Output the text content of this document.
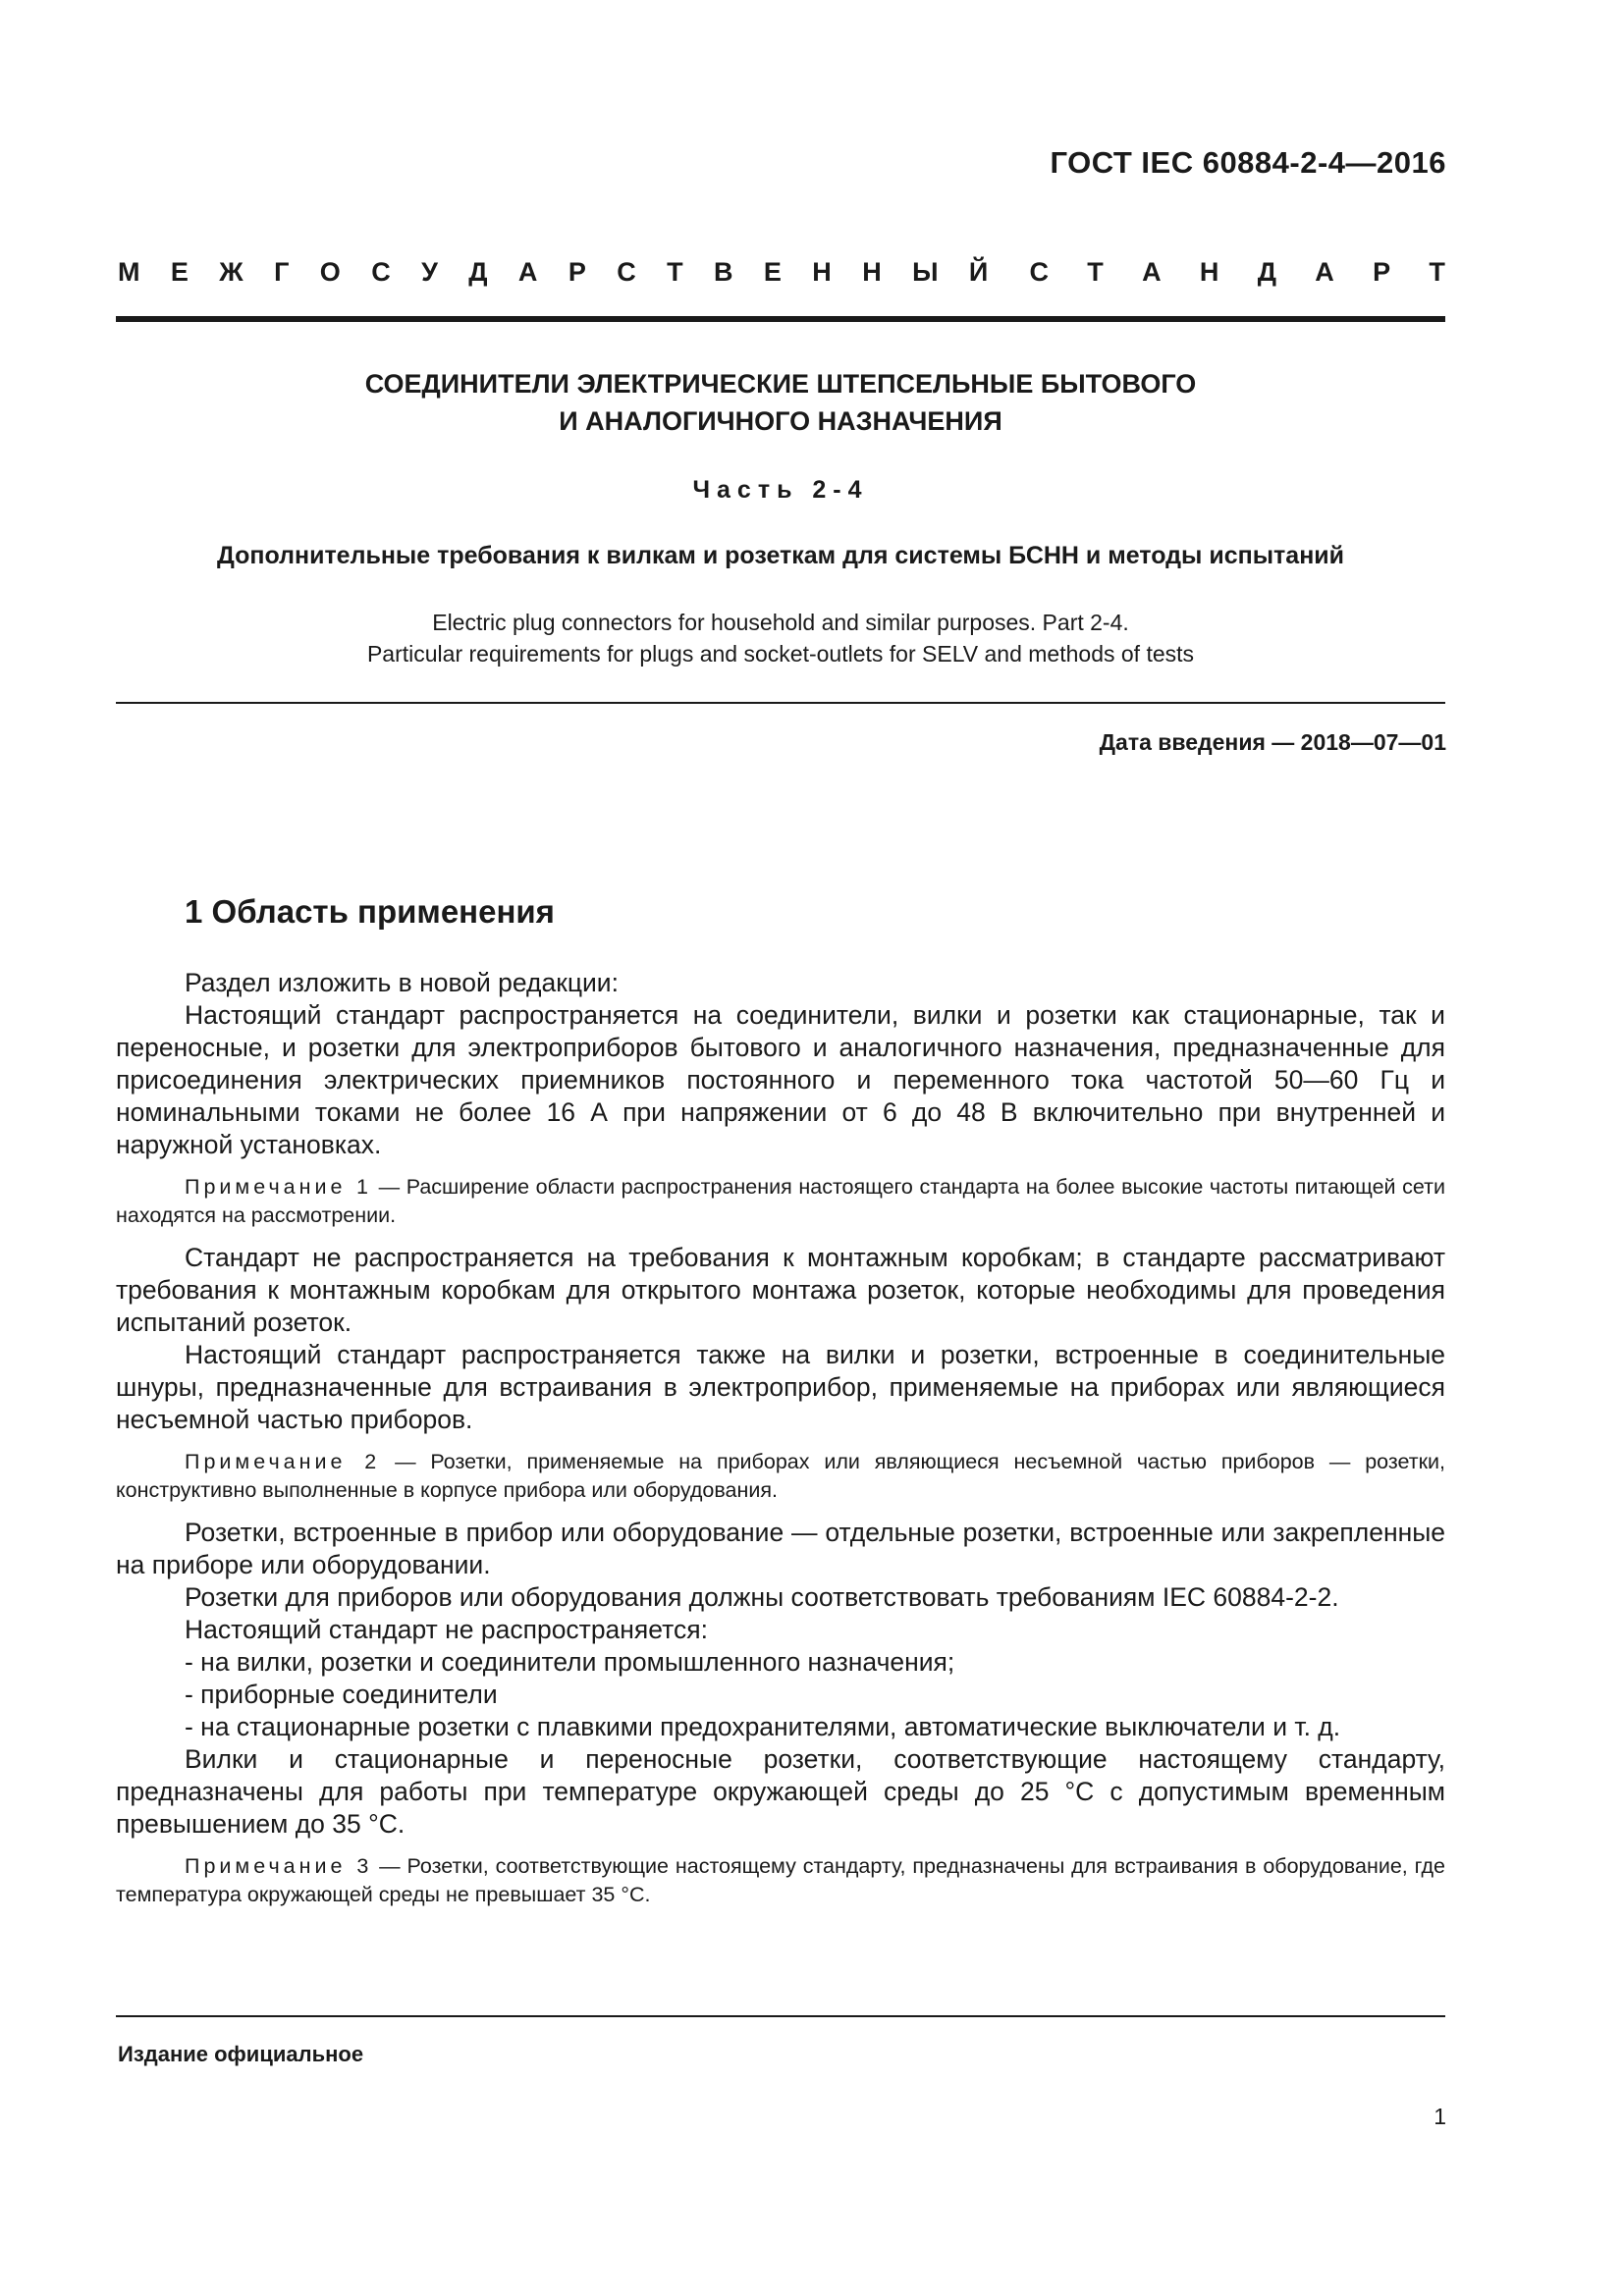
ГОСТ IEC 60884-2-4—2016
М Е Ж Г О С У Д А Р С Т В Е Н Н Ы Й С Т А Н Д А Р Т
СОЕДИНИТЕЛИ ЭЛЕКТРИЧЕСКИЕ ШТЕПСЕЛЬНЫЕ БЫТОВОГО
И АНАЛОГИЧНОГО НАЗНАЧЕНИЯ
Часть 2-4
Дополнительные требования к вилкам и розеткам для системы БСНН и методы испытаний
Electric plug connectors for household and similar purposes. Part 2-4.
Particular requirements for plugs and socket-outlets for SELV and methods of tests
Дата введения — 2018—07—01
1 Область применения

Раздел изложить в новой редакции:

Настоящий стандарт распространяется на соединители, вилки и розетки как стационарные, так и переносные, и розетки для электроприборов бытового и аналогичного назначения, предназначенные для присоединения электрических приемников постоянного и переменного тока частотой 50—60 Гц и номинальными токами не более 16 А при напряжении от 6 до 48 В включительно при внутренней и наружной установках.

Примечание 1 — Расширение области распространения настоящего стандарта на более высокие частоты питающей сети находятся на рассмотрении.

Стандарт не распространяется на требования к монтажным коробкам; в стандарте рассматривают требования к монтажным коробкам для открытого монтажа розеток, которые необходимы для проведения испытаний розеток.

Настоящий стандарт распространяется также на вилки и розетки, встроенные в соединительные шнуры, предназначенные для встраивания в электроприбор, применяемые на приборах или являющиеся несъемной частью приборов.

Примечание 2 — Розетки, применяемые на приборах или являющиеся несъемной частью приборов — розетки, конструктивно выполненные в корпусе прибора или оборудования.

Розетки, встроенные в прибор или оборудование — отдельные розетки, встроенные или закрепленные на приборе или оборудовании.

Розетки для приборов или оборудования должны соответствовать требованиям IEC 60884-2-2.

Настоящий стандарт не распространяется:

- на вилки, розетки и соединители промышленного назначения;

- приборные соединители

- на стационарные розетки с плавкими предохранителями, автоматические выключатели и т. д.

Вилки и стационарные и переносные розетки, соответствующие настоящему стандарту, предназначены для работы при температуре окружающей среды до 25 °С с допустимым временным превышением до 35 °С.

Примечание 3 — Розетки, соответствующие настоящему стандарту, предназначены для встраивания в оборудование, где температура окружающей среды не превышает 35 °С.
Издание официальное
1
